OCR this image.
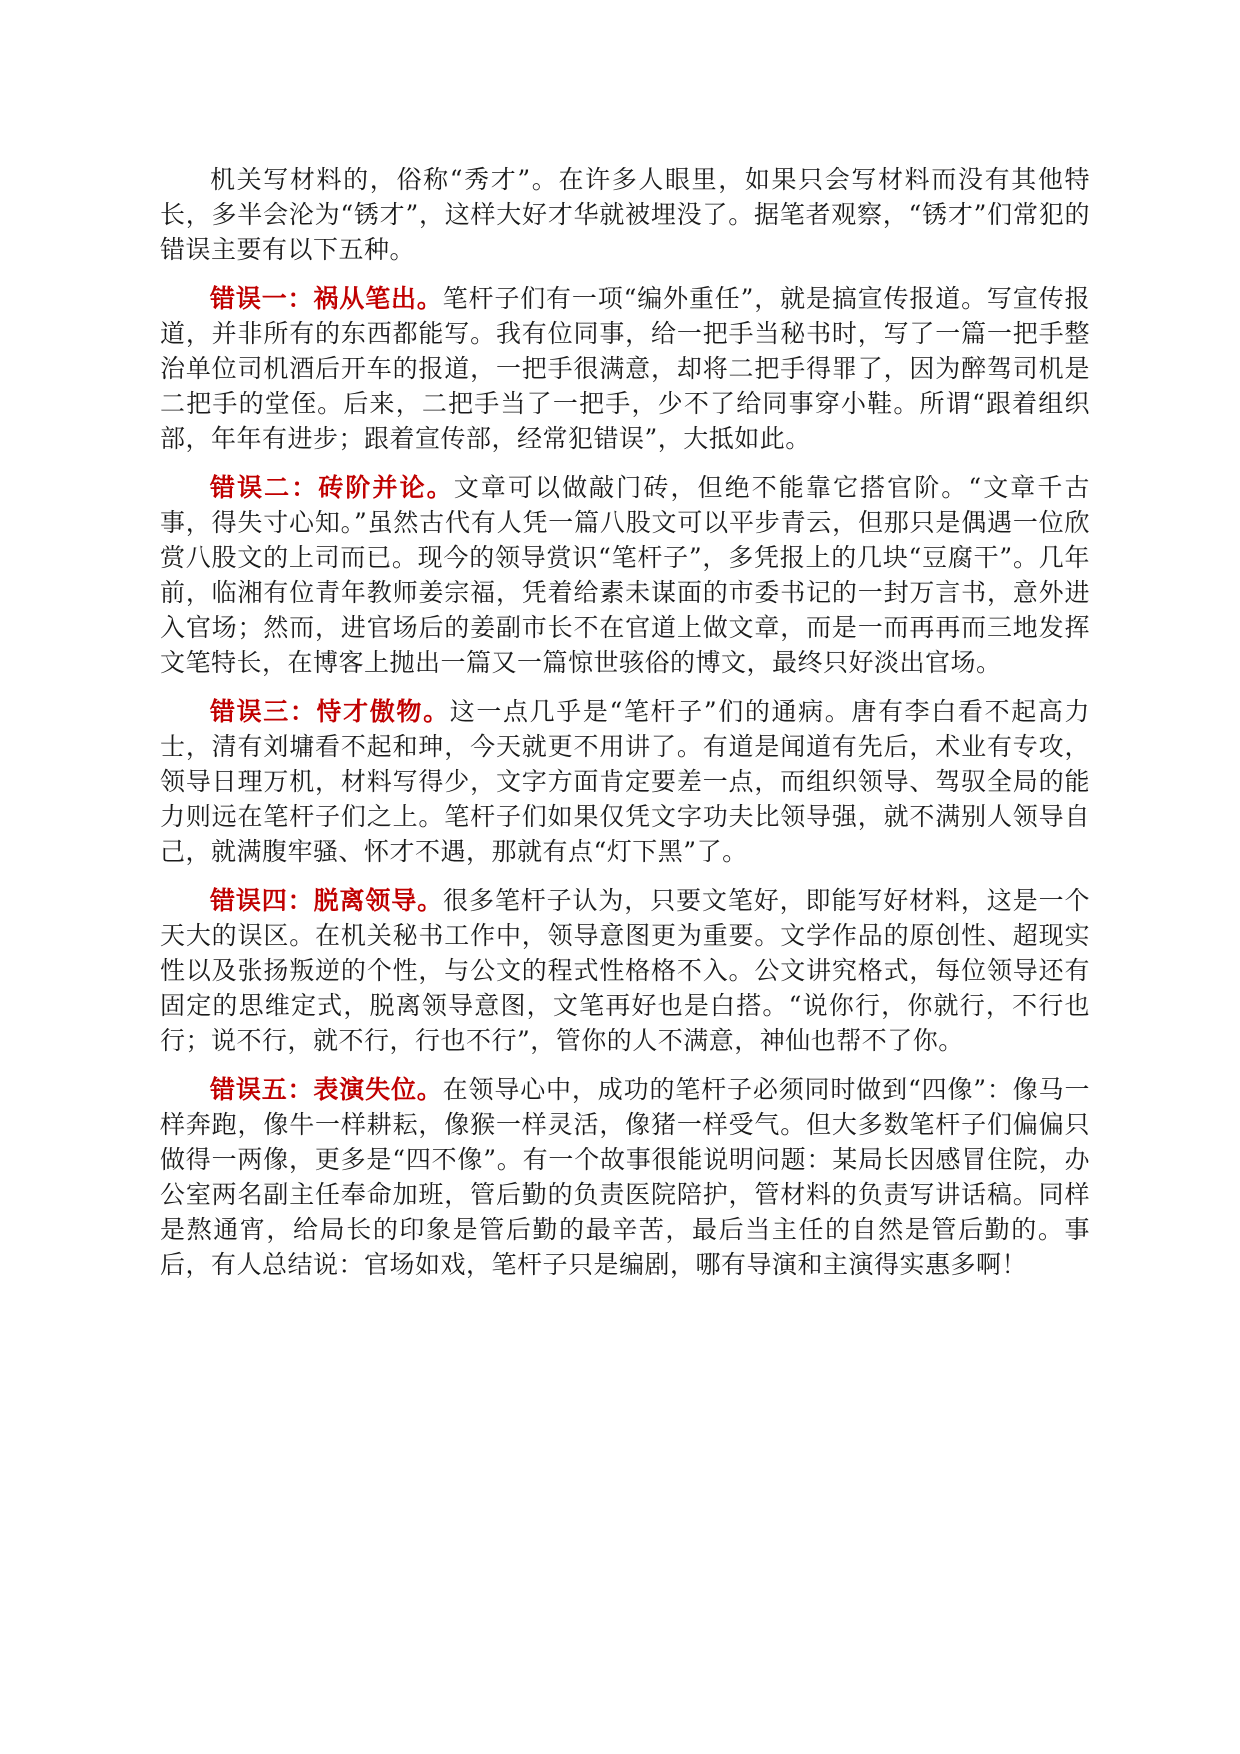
机关写材料的，俗称“秀才”。在许多人眼里，如果只会写材料而没有其他特长，多半会沦为“锈才”，这样大好才华就被埋没了。据笔者观察，“锈才”们常犯的错误主要有以下五种。

错误一：祸从笔出。笔杆子们有一项“编外重任”，就是搞宣传报道。写宣传报道，并非所有的东西都能写。我有位同事，给一把手当秘书时，写了一篇一把手整治单位司机酒后开车的报道，一把手很满意，却将二把手得罪了，因为醉驾司机是二把手的堂侄。后来，二把手当了一把手，少不了给同事穿小鞋。所谓“跟着组织部，年年有进步；跟着宣传部，经常犯错误”，大抵如此。

错误二：砖阶并论。文章可以做敲门砖，但绝不能靠它搭官阶。“文章千古事，得失寸心知。”虽然古代有人凭一篇八股文可以平步青云，但那只是偶遇一位欣赏八股文的上司而已。现今的领导赏识“笔杆子”，多凭报上的几块“豆腐干”。几年前，临湘有位青年教师姜宗福，凭着给素未谋面的市委书记的一封万言书，意外进入官场；然而，进官场后的姜副市长不在官道上做文章，而是一而再再而三地发挥文笔特长，在博客上抛出一篇又一篇惊世骇俗的博文，最终只好淡出官场。

错误三：恃才傲物。这一点几乎是“笔杆子”们的通病。唐有李白看不起高力士，清有刘墉看不起和珅，今天就更不用讲了。有道是闻道有先后，术业有专攻，领导日理万机，材料写得少，文字方面肯定要差一点，而组织领导、驾驭全局的能力则远在笔杆子们之上。笔杆子们如果仅凭文字功夫比领导强，就不满别人领导自己，就满腹牢骚、怀才不遇，那就有点“灯下黑”了。

错误四：脱离领导。很多笔杆子认为，只要文笔好，即能写好材料，这是一个天大的误区。在机关秘书工作中，领导意图更为重要。文学作品的原创性、超现实性以及张扬叛逆的个性，与公文的程式性格格不入。公文讲究格式，每位领导还有固定的思维定式，脱离领导意图，文笔再好也是白搭。“说你行，你就行，不行也行；说不行，就不行，行也不行”，管你的人不满意，神仙也帮不了你。

错误五：表演失位。在领导心中，成功的笔杆子必须同时做到“四像”：像马一样奔跑，像牛一样耕耘，像猴一样灵活，像猪一样受气。但大多数笔杆子们偏偏只做得一两像，更多是“四不像”。有一个故事很能说明问题：某局长因感冒住院，办公室两名副主任奉命加班，管后勤的负责医院陪护，管材料的负责写讲话稿。同样是熬通宵，给局长的印象是管后勤的最辛苦，最后当主任的自然是管后勤的。事后，有人总结说：官场如戏，笔杆子只是编剧，哪有导演和主演得实惠多啊！
